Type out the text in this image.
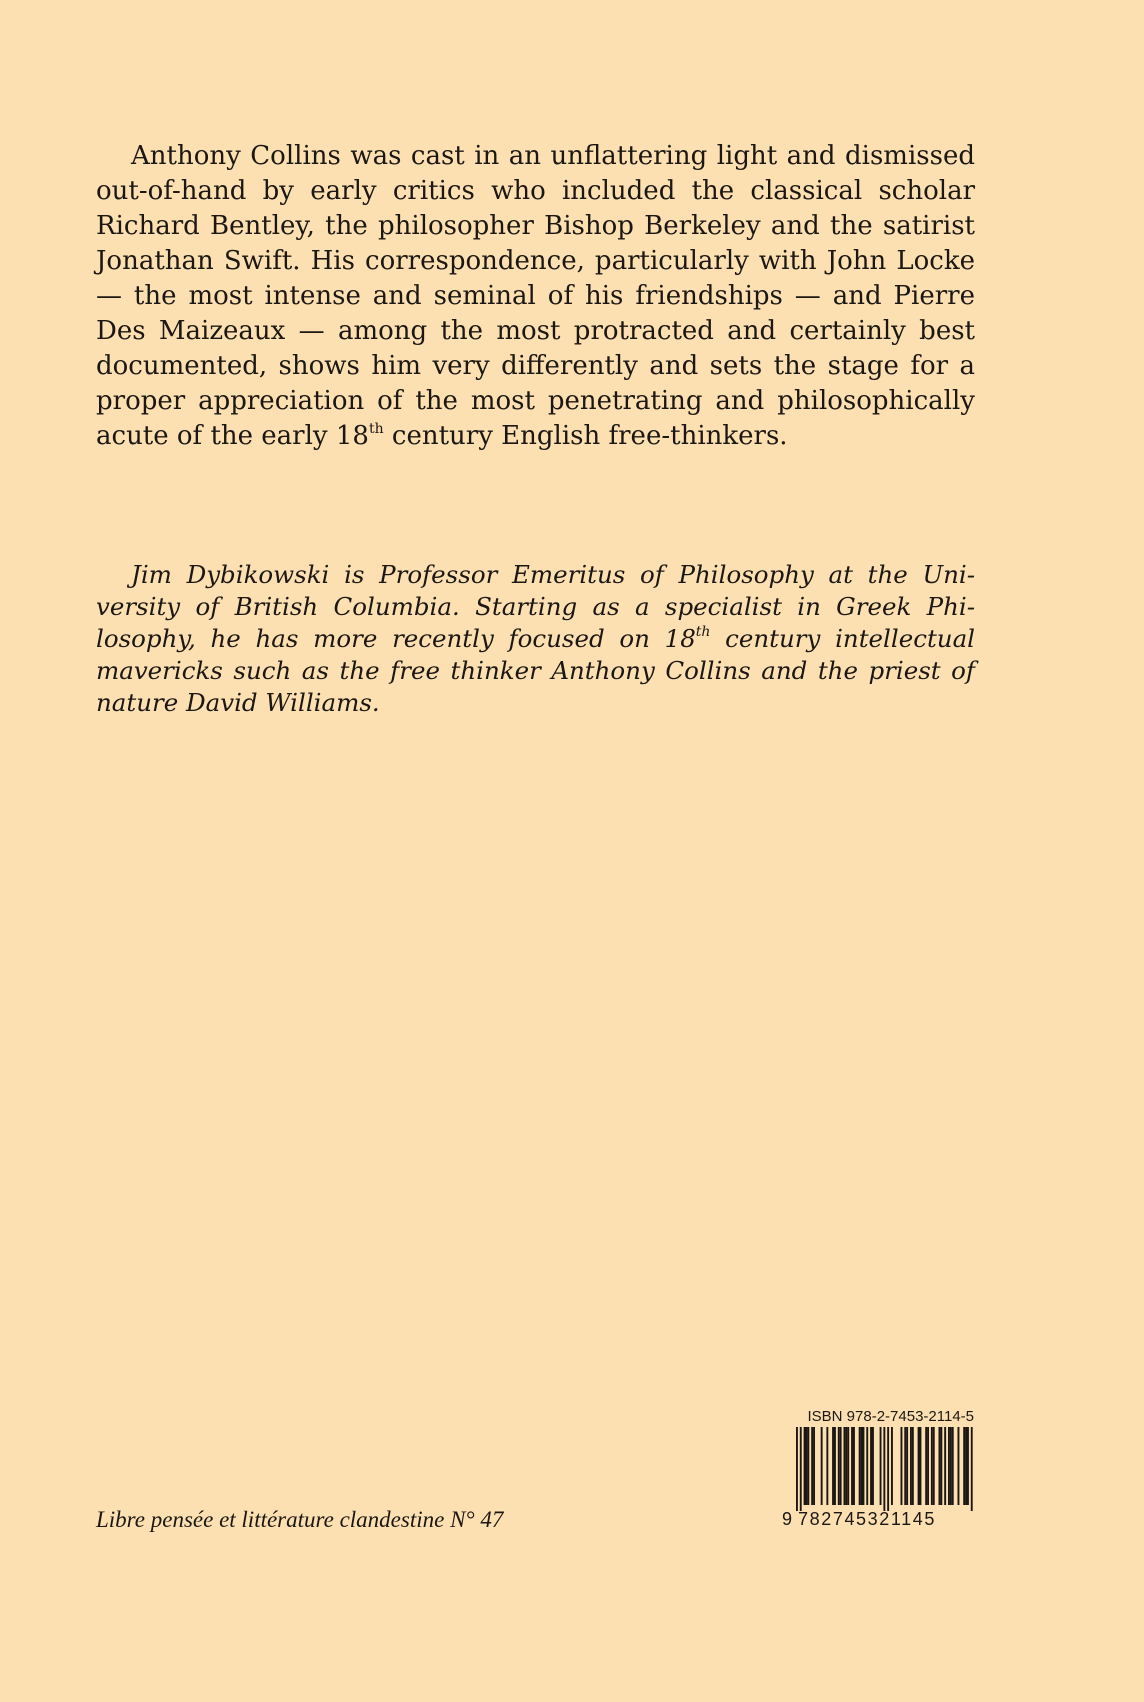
Anthony Collins was cast in an unflattering light and dismissed out-of-hand by early critics who included the classical scholar Richard Bentley, the philosopher Bishop Berkeley and the satirist Jonathan Swift. His correspondence, particularly with John Locke — the most intense and seminal of his friendships — and Pierre Des Maizeaux — among the most protracted and certainly best documented, shows him very differently and sets the stage for a proper appreciation of the most penetrating and philosophically acute of the early 18th century English free-thinkers.

Jim Dybikowski is Professor Emeritus of Philosophy at the University of British Columbia. Starting as a specialist in Greek Philosophy, he has more recently focused on 18th century intellectual mavericks such as the free thinker Anthony Collins and the priest of nature David Williams.

Libre pensée et littérature clandestine N° 47
ISBN 978-2-7453-2114-5
9 782745321145
